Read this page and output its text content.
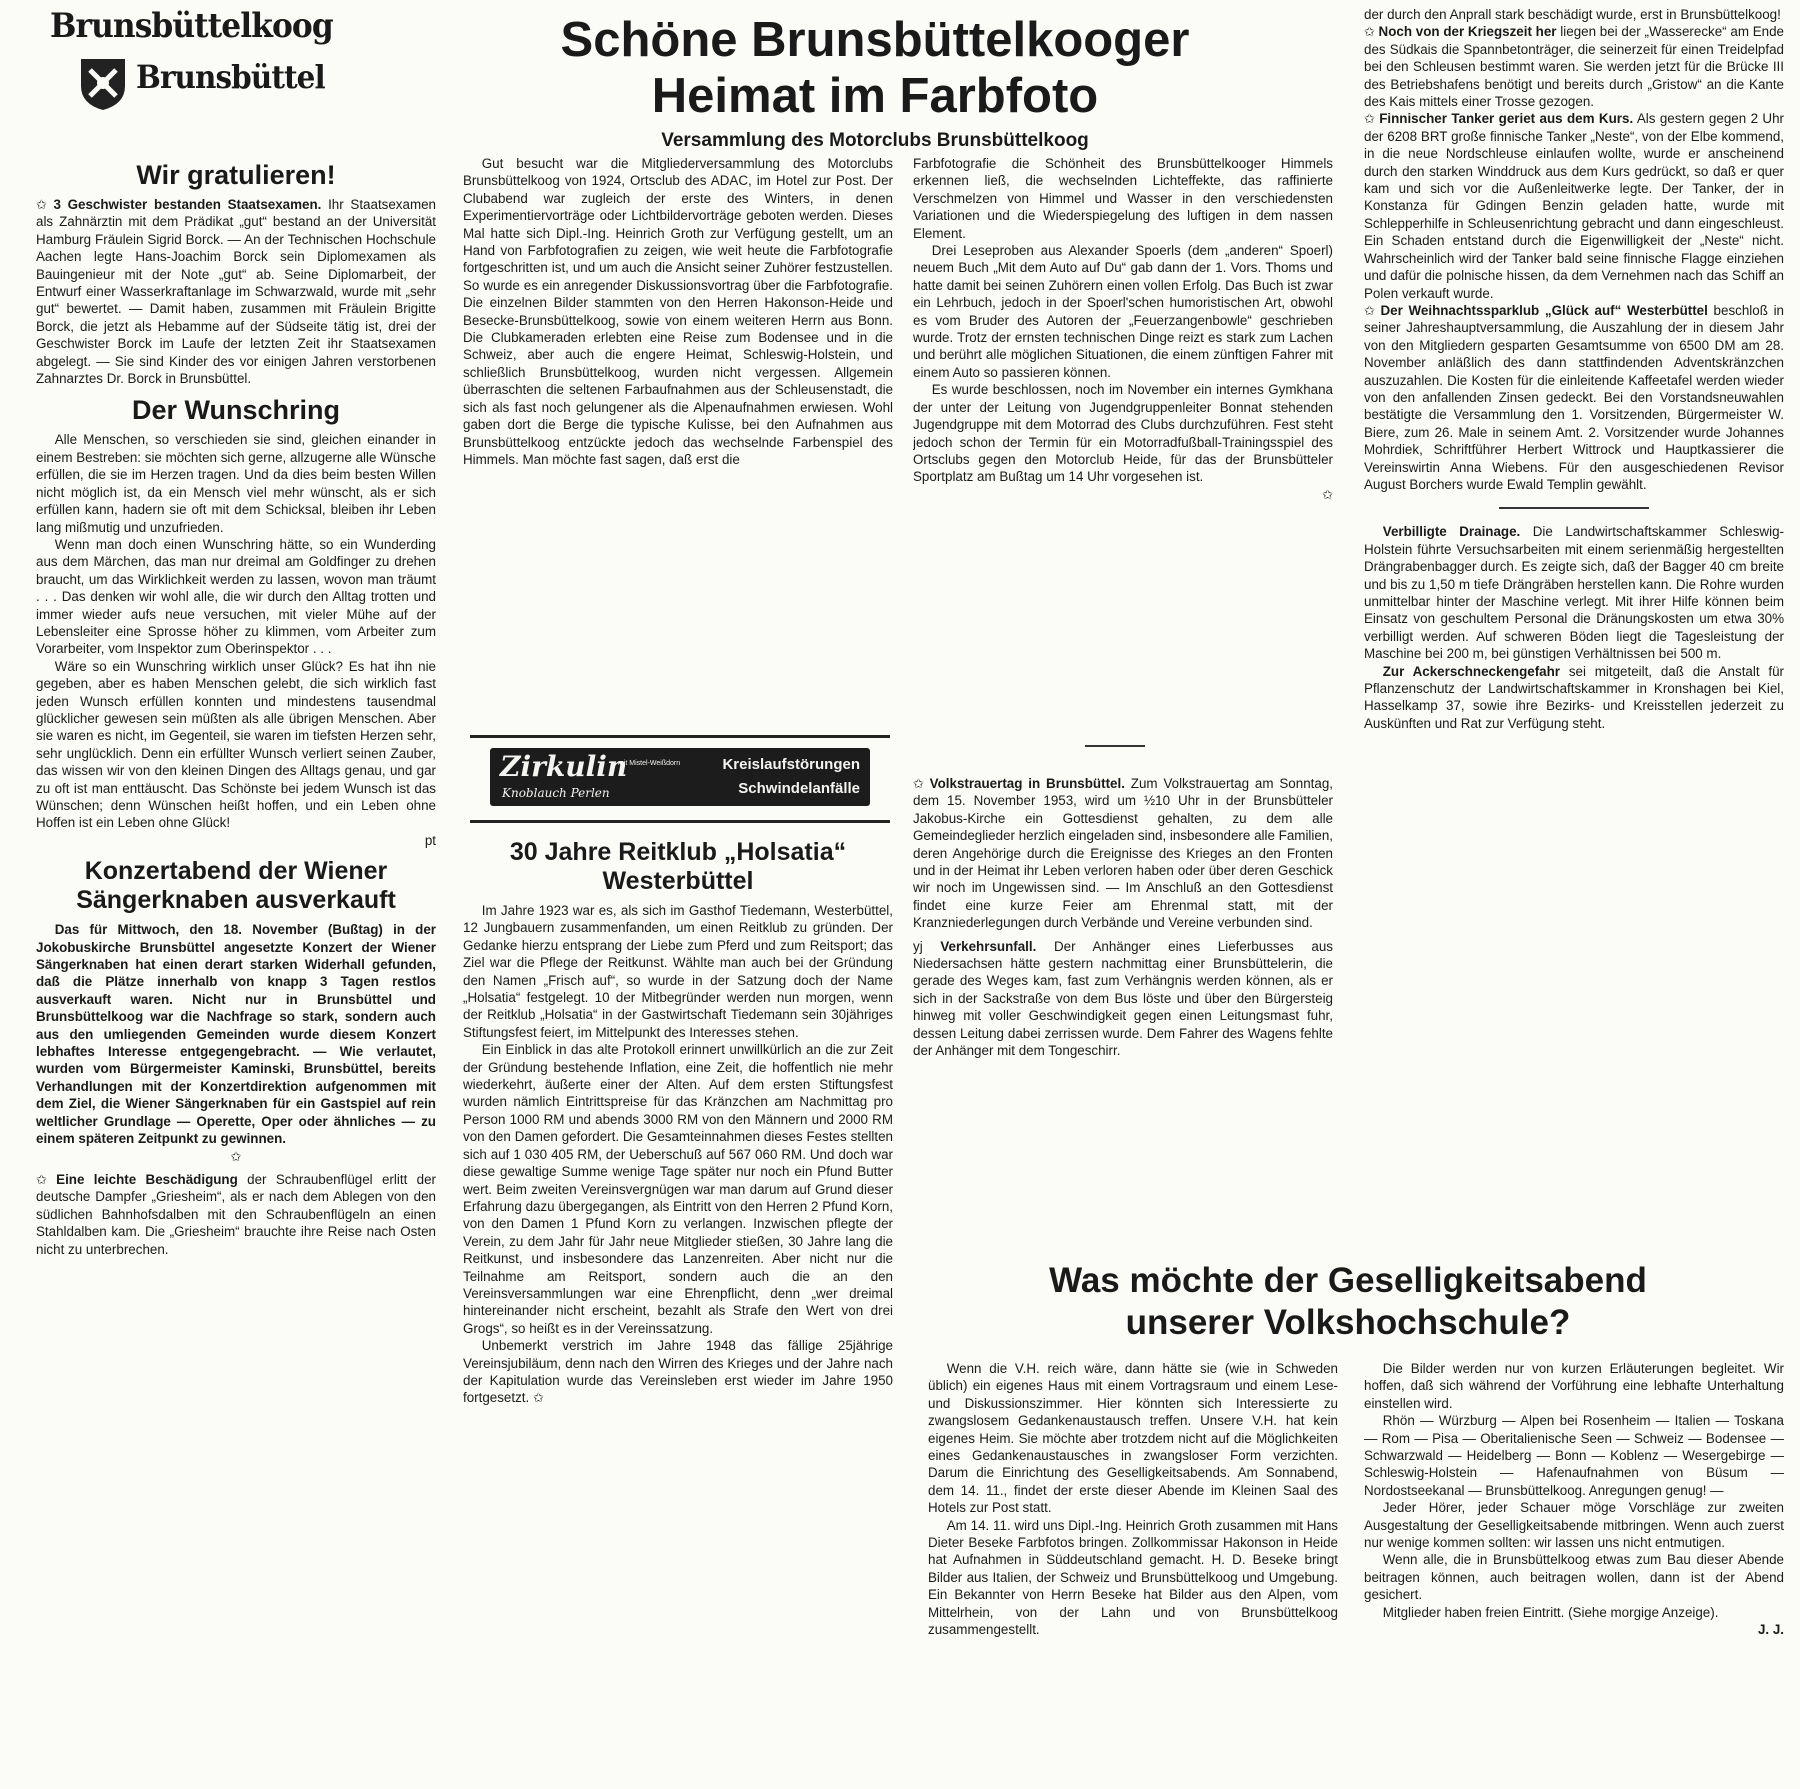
Brunsbüttelkoog
Brunsbüttel
Schöne Brunsbüttelkooger
Heimat im Farbfoto
Versammlung des Motorclubs Brunsbüttelkoog
Wir gratulieren!

✩ 3 Geschwister bestanden Staatsexamen. Ihr Staatsexamen als Zahnärztin mit dem Prädikat „gut“ bestand an der Universität Hamburg Fräulein Sigrid Borck. — An der Technischen Hochschule Aachen legte Hans-Joachim Borck sein Diplomexamen als Bauingenieur mit der Note „gut“ ab. Seine Diplomarbeit, der Entwurf einer Wasserkraftanlage im Schwarzwald, wurde mit „sehr gut“ bewertet. — Damit haben, zusammen mit Fräulein Brigitte Borck, die jetzt als Hebamme auf der Südseite tätig ist, drei der Geschwister Borck im Laufe der letzten Zeit ihr Staatsexamen abgelegt. — Sie sind Kinder des vor einigen Jahren verstorbenen Zahnarztes Dr. Borck in Brunsbüttel.

Der Wunschring

Alle Menschen, so verschieden sie sind, gleichen einander in einem Bestreben: sie möchten sich gerne, allzugerne alle Wünsche erfüllen, die sie im Herzen tragen. Und da dies beim besten Willen nicht möglich ist, da ein Mensch viel mehr wünscht, als er sich erfüllen kann, hadern sie oft mit dem Schicksal, bleiben ihr Leben lang mißmutig und unzufrieden.

Wenn man doch einen Wunschring hätte, so ein Wunderding aus dem Märchen, das man nur dreimal am Goldfinger zu drehen braucht, um das Wirklichkeit werden zu lassen, wovon man träumt . . . Das denken wir wohl alle, die wir durch den Alltag trotten und immer wieder aufs neue versuchen, mit vieler Mühe auf der Lebensleiter eine Sprosse höher zu klimmen, vom Arbeiter zum Vorarbeiter, vom Inspektor zum Oberinspektor . . .

Wäre so ein Wunschring wirklich unser Glück? Es hat ihn nie gegeben, aber es haben Menschen gelebt, die sich wirklich fast jeden Wunsch erfüllen konnten und mindestens tausendmal glücklicher gewesen sein müßten als alle übrigen Menschen. Aber sie waren es nicht, im Gegenteil, sie waren im tiefsten Herzen sehr, sehr unglücklich. Denn ein erfüllter Wunsch verliert seinen Zauber, das wissen wir von den kleinen Dingen des Alltags genau, und gar zu oft ist man enttäuscht. Das Schönste bei jedem Wunsch ist das Wünschen; denn Wünschen heißt hoffen, und ein Leben ohne Hoffen ist ein Leben ohne Glück!

pt

Konzertabend der Wiener
Sängerknaben ausverkauft

Das für Mittwoch, den 18. November (Bußtag) in der Jokobuskirche Brunsbüttel angesetzte Konzert der Wiener Sängerknaben hat einen derart starken Widerhall gefunden, daß die Plätze innerhalb von knapp 3 Tagen restlos ausverkauft waren. Nicht nur in Brunsbüttel und Brunsbüttelkoog war die Nachfrage so stark, sondern auch aus den umliegenden Gemeinden wurde diesem Konzert lebhaftes Interesse entgegengebracht. — Wie verlautet, wurden vom Bürgermeister Kaminski, Brunsbüttel, bereits Verhandlungen mit der Konzertdirektion aufgenommen mit dem Ziel, die Wiener Sängerknaben für ein Gastspiel auf rein weltlicher Grundlage — Operette, Oper oder ähnliches — zu einem späteren Zeitpunkt zu gewinnen.

✩

✩ Eine leichte Beschädigung der Schraubenflügel erlitt der deutsche Dampfer „Griesheim“, als er nach dem Ablegen von den südlichen Bahnhofsdalben mit den Schraubenflügeln an einen Stahldalben kam. Die „Griesheim“ brauchte ihre Reise nach Osten nicht zu unterbrechen.

Gut besucht war die Mitgliederversammlung des Motorclubs Brunsbüttelkoog von 1924, Ortsclub des ADAC, im Hotel zur Post. Der Clubabend war zugleich der erste des Winters, in denen Experimentiervorträge oder Lichtbildervorträge geboten werden. Dieses Mal hatte sich Dipl.-Ing. Heinrich Groth zur Verfügung gestellt, um an Hand von Farbfotografien zu zeigen, wie weit heute die Farbfotografie fortgeschritten ist, und um auch die Ansicht seiner Zuhörer festzustellen. So wurde es ein anregender Diskussionsvortrag über die Farbfotografie. Die einzelnen Bilder stammten von den Herren Hakonson-Heide und Besecke-Brunsbüttelkoog, sowie von einem weiteren Herrn aus Bonn. Die Clubkameraden erlebten eine Reise zum Bodensee und in die Schweiz, aber auch die engere Heimat, Schleswig-Holstein, und schließlich Brunsbüttelkoog, wurden nicht vergessen. Allgemein überraschten die seltenen Farbaufnahmen aus der Schleusenstadt, die sich als fast noch gelungener als die Alpenaufnahmen erwiesen. Wohl gaben dort die Berge die typische Kulisse, bei den Aufnahmen aus Brunsbüttelkoog entzückte jedoch das wechselnde Farbenspiel des Himmels. Man möchte fast sagen, daß erst die

Farbfotografie die Schönheit des Brunsbüttelkooger Himmels erkennen ließ, die wechselnden Lichteffekte, das raffinierte Verschmelzen von Himmel und Wasser in den verschiedensten Variationen und die Wiederspiegelung des luftigen in dem nassen Element.

Drei Leseproben aus Alexander Spoerls (dem „anderen“ Spoerl) neuem Buch „Mit dem Auto auf Du“ gab dann der 1. Vors. Thoms und hatte damit bei seinen Zuhörern einen vollen Erfolg. Das Buch ist zwar ein Lehrbuch, jedoch in der Spoerl'schen humoristischen Art, obwohl es vom Bruder des Autoren der „Feuerzangenbowle“ geschrieben wurde. Trotz der ernsten technischen Dinge reizt es stark zum Lachen und berührt alle möglichen Situationen, die einem zünftigen Fahrer mit einem Auto so passieren können.

Es wurde beschlossen, noch im November ein internes Gymkhana der unter der Leitung von Jugendgruppenleiter Bonnat stehenden Jugendgruppe mit dem Motorrad des Clubs durchzuführen. Fest steht jedoch schon der Termin für ein Motorradfußball-Trainingsspiel des Ortsclubs gegen den Motorclub Heide, für das der Brunsbütteler Sportplatz am Bußtag um 14 Uhr vorgesehen ist.

✩

der durch den Anprall stark beschädigt wurde, erst in Brunsbüttelkoog!

✩ Noch von der Kriegszeit her liegen bei der „Wasserecke“ am Ende des Südkais die Spannbetonträger, die seinerzeit für einen Treidelpfad bei den Schleusen bestimmt waren. Sie werden jetzt für die Brücke III des Betriebshafens benötigt und bereits durch „Gristow“ an die Kante des Kais mittels einer Trosse gezogen.

✩ Finnischer Tanker geriet aus dem Kurs. Als gestern gegen 2 Uhr der 6208 BRT große finnische Tanker „Neste“, von der Elbe kommend, in die neue Nordschleuse einlaufen wollte, wurde er anscheinend durch den starken Winddruck aus dem Kurs gedrückt, so daß er quer kam und sich vor die Außenleitwerke legte. Der Tanker, der in Konstanza für Gdingen Benzin geladen hatte, wurde mit Schlepperhilfe in Schleusenrichtung gebracht und dann eingeschleust. Ein Schaden entstand durch die Eigenwilligkeit der „Neste“ nicht. Wahrscheinlich wird der Tanker bald seine finnische Flagge einziehen und dafür die polnische hissen, da dem Vernehmen nach das Schiff an Polen verkauft wurde.

✩ Der Weihnachtssparklub „Glück auf“ Westerbüttel beschloß in seiner Jahreshauptversammlung, die Auszahlung der in diesem Jahr von den Mitgliedern gesparten Gesamtsumme von 6500 DM am 28. November anläßlich des dann stattfindenden Adventskränzchen auszuzahlen. Die Kosten für die einleitende Kaffeetafel werden wieder von den anfallenden Zinsen gedeckt. Bei den Vorstandsneuwahlen bestätigte die Versammlung den 1. Vorsitzenden, Bürgermeister W. Biere, zum 26. Male in seinem Amt. 2. Vorsitzender wurde Johannes Mohrdiek, Schriftführer Herbert Wittrock und Hauptkassierer die Vereinswirtin Anna Wiebens. Für den ausgeschiedenen Revisor August Borchers wurde Ewald Templin gewählt.

Verbilligte Drainage. Die Landwirtschaftskammer Schleswig-Holstein führte Versuchsarbeiten mit einem serienmäßig hergestellten Drängrabenbagger durch. Es zeigte sich, daß der Bagger 40 cm breite und bis zu 1,50 m tiefe Drängräben herstellen kann. Die Rohre wurden unmittelbar hinter der Maschine verlegt. Mit ihrer Hilfe können beim Einsatz von geschultem Personal die Dränungskosten um etwa 30% verbilligt werden. Auf schweren Böden liegt die Tagesleistung der Maschine bei 200 m, bei günstigen Verhältnissen bei 500 m.

Zur Ackerschneckengefahr sei mitgeteilt, daß die Anstalt für Pflanzenschutz der Landwirtschaftskammer in Kronshagen bei Kiel, Hasselkamp 37, sowie ihre Bezirks- und Kreisstellen jederzeit zu Auskünften und Rat zur Verfügung steht.

Zirkulin
Knoblauch Perlen
mit Mistel-Weißdorn	Kreislaufstörungen
Schwindelanfälle
30 Jahre Reitklub „Holsatia“
Westerbüttel

Im Jahre 1923 war es, als sich im Gasthof Tiedemann, Westerbüttel, 12 Jungbauern zusammenfanden, um einen Reitklub zu gründen. Der Gedanke hierzu entsprang der Liebe zum Pferd und zum Reitsport; das Ziel war die Pflege der Reitkunst. Wählte man auch bei der Gründung den Namen „Frisch auf“, so wurde in der Satzung doch der Name „Holsatia“ festgelegt. 10 der Mitbegründer werden nun morgen, wenn der Reitklub „Holsatia“ in der Gastwirtschaft Tiedemann sein 30jähriges Stiftungsfest feiert, im Mittelpunkt des Interesses stehen.

Ein Einblick in das alte Protokoll erinnert unwillkürlich an die zur Zeit der Gründung bestehende Inflation, eine Zeit, die hoffentlich nie mehr wiederkehrt, äußerte einer der Alten. Auf dem ersten Stiftungsfest wurden nämlich Eintrittspreise für das Kränzchen am Nachmittag pro Person 1000 RM und abends 3000 RM von den Männern und 2000 RM von den Damen gefordert. Die Gesamteinnahmen dieses Festes stellten sich auf 1 030 405 RM, der Ueberschuß auf 567 060 RM. Und doch war diese gewaltige Summe wenige Tage später nur noch ein Pfund Butter wert. Beim zweiten Vereinsvergnügen war man darum auf Grund dieser Erfahrung dazu übergegangen, als Eintritt von den Herren 2 Pfund Korn, von den Damen 1 Pfund Korn zu verlangen. Inzwischen pflegte der Verein, zu dem Jahr für Jahr neue Mitglieder stießen, 30 Jahre lang die Reitkunst, und insbesondere das Lanzenreiten. Aber nicht nur die Teilnahme am Reitsport, sondern auch die an den Vereinsversammlungen war eine Ehrenpflicht, denn „wer dreimal hintereinander nicht erscheint, bezahlt als Strafe den Wert von drei Grogs“, so heißt es in der Vereinssatzung.

Unbemerkt verstrich im Jahre 1948 das fällige 25jährige Vereinsjubiläum, denn nach den Wirren des Krieges und der Jahre nach der Kapitulation wurde das Vereinsleben erst wieder im Jahre 1950 fortgesetzt. ✩

✩ Volkstrauertag in Brunsbüttel. Zum Volkstrauertag am Sonntag, dem 15. November 1953, wird um ½10 Uhr in der Brunsbütteler Jakobus-Kirche ein Gottesdienst gehalten, zu dem alle Gemeindeglieder herzlich eingeladen sind, insbesondere alle Familien, deren Angehörige durch die Ereignisse des Krieges an den Fronten und in der Heimat ihr Leben verloren haben oder über deren Geschick wir noch im Ungewissen sind. — Im Anschluß an den Gottesdienst findet eine kurze Feier am Ehrenmal statt, mit der Kranzniederlegungen durch Verbände und Vereine verbunden sind.

yj Verkehrsunfall. Der Anhänger eines Lieferbusses aus Niedersachsen hätte gestern nachmittag einer Brunsbüttelerin, die gerade des Weges kam, fast zum Verhängnis werden können, als er sich in der Sackstraße von dem Bus löste und über den Bürgersteig hinweg mit voller Geschwindigkeit gegen einen Leitungsmast fuhr, dessen Leitung dabei zerrissen wurde. Dem Fahrer des Wagens fehlte der Anhänger mit dem Tongeschirr.

Was möchte der Geselligkeitsabend
unserer Volkshochschule?

Wenn die V.H. reich wäre, dann hätte sie (wie in Schweden üblich) ein eigenes Haus mit einem Vortragsraum und einem Lese- und Diskussionszimmer. Hier könnten sich Interessierte zu zwangslosem Gedankenaustausch treffen. Unsere V.H. hat kein eigenes Heim. Sie möchte aber trotzdem nicht auf die Möglichkeiten eines Gedankenaustausches in zwangsloser Form verzichten. Darum die Einrichtung des Geselligkeitsabends. Am Sonnabend, dem 14. 11., findet der erste dieser Abende im Kleinen Saal des Hotels zur Post statt.

Am 14. 11. wird uns Dipl.-Ing. Heinrich Groth zusammen mit Hans Dieter Beseke Farbfotos bringen. Zollkommissar Hakonson in Heide hat Aufnahmen in Süddeutschland gemacht. H. D. Beseke bringt Bilder aus Italien, der Schweiz und Brunsbüttelkoog und Umgebung. Ein Bekannter von Herrn Beseke hat Bilder aus den Alpen, vom Mittelrhein, von der Lahn und von Brunsbüttelkoog zusammengestellt.

Die Bilder werden nur von kurzen Erläuterungen begleitet. Wir hoffen, daß sich während der Vorführung eine lebhafte Unterhaltung einstellen wird.

Rhön — Würzburg — Alpen bei Rosenheim — Italien — Toskana — Rom — Pisa — Oberitalienische Seen — Schweiz — Bodensee — Schwarzwald — Heidelberg — Bonn — Koblenz — Wesergebirge — Schleswig-Holstein — Hafenaufnahmen von Büsum — Nordostseekanal — Brunsbüttelkoog. Anregungen genug! —

Jeder Hörer, jeder Schauer möge Vorschläge zur zweiten Ausgestaltung der Geselligkeitsabende mitbringen. Wenn auch zuerst nur wenige kommen sollten: wir lassen uns nicht entmutigen.

Wenn alle, die in Brunsbüttelkoog etwas zum Bau dieser Abende beitragen können, auch beitragen wollen, dann ist der Abend gesichert.

Mitglieder haben freien Eintritt. (Siehe morgige Anzeige).

J. J.
